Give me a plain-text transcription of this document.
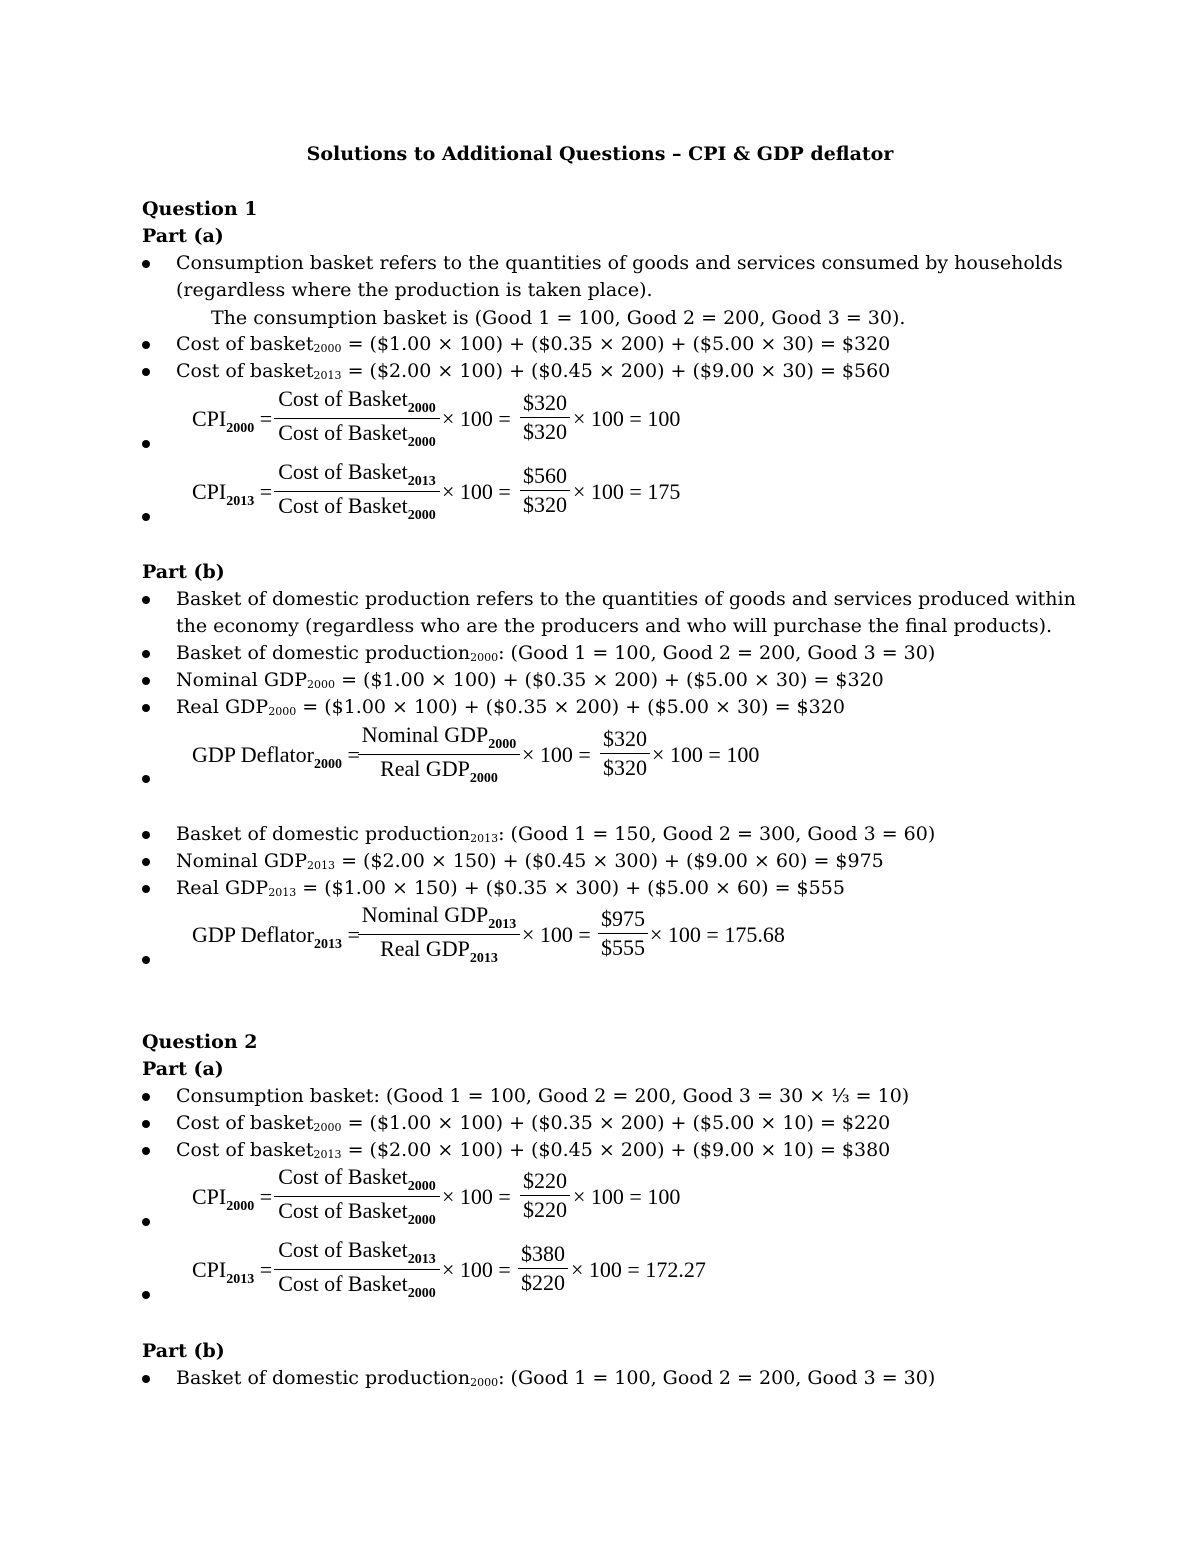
Solutions to Additional Questions – CPI & GDP deflator
Question 1
Part (a)
Consumption basket refers to the quantities of goods and services consumed by households
(regardless where the production is taken place).
The consumption basket is (Good 1 = 100, Good 2 = 200, Good 3 = 30).
Cost of basket2000 = ($1.00 × 100) + ($0.35 × 200) + ($5.00 × 30) = $320
Cost of basket2013 = ($2.00 × 100) + ($0.45 × 200) + ($9.00 × 30) = $560
$CPI_{2000}$ =
Cost of Basket$_{2000}$
Cost of Basket$_{2000}$
× 100 =
$320
$320
× 100 = 100
$CPI_{2013}$ =
Cost of Basket$_{2013}$
Cost of Basket$_{2000}$
× 100 =
$560
$320
× 100 = 175
Part (b)
Basket of domestic production refers to the quantities of goods and services produced within
the economy (regardless who are the producers and who will purchase the final products).
Basket of domestic production2000: (Good 1 = 100, Good 2 = 200, Good 3 = 30)
Nominal GDP2000 = ($1.00 × 100) + ($0.35 × 200) + ($5.00 × 30) = $320
Real GDP2000 = ($1.00 × 100) + ($0.35 × 200) + ($5.00 × 30) = $320
GDP Deflator$_{2000}$ =
Nominal $GDP_{2000}$
Real $GDP_{2000}$
× 100 =
$320
$320
× 100 = 100
Basket of domestic production2013: (Good 1 = 150, Good 2 = 300, Good 3 = 60)
Nominal GDP2013 = ($2.00 × 150) + ($0.45 × 300) + ($9.00 × 60) = $975
Real GDP2013 = ($1.00 × 150) + ($0.35 × 300) + ($5.00 × 60) = $555
GDP Deflator$_{2013}$ =
Nominal $GDP_{2013}$
Real $GDP_{2013}$
× 100 =
$975
$555
× 100 = 175.68
Question 2
Part (a)
Consumption basket: (Good 1 = 100, Good 2 = 200, Good 3 = 30 × ⅓ = 10)
Cost of basket2000 = ($1.00 × 100) + ($0.35 × 200) + ($5.00 × 10) = $220
Cost of basket2013 = ($2.00 × 100) + ($0.45 × 200) + ($9.00 × 10) = $380
$CPI_{2000}$ =
Cost of Basket$_{2000}$
Cost of Basket$_{2000}$
× 100 =
$220
$220
× 100 = 100
$CPI_{2013}$ =
Cost of Basket$_{2013}$
Cost of Basket$_{2000}$
× 100 =
$380
$220
× 100 = 172.27
Part (b)
Basket of domestic production2000: (Good 1 = 100, Good 2 = 200, Good 3 = 30)
